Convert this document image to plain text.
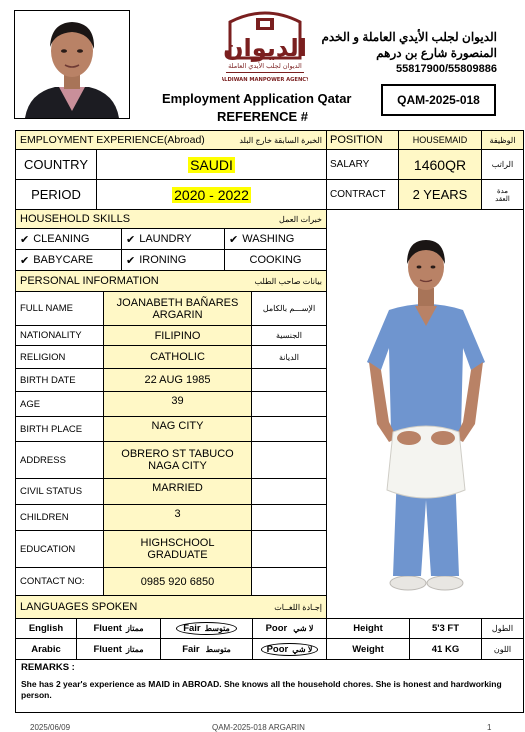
الديوان
الديوان لجلب الأيدي العاملة
ALDIWAN MANPOWER AGENCY
الديوان لجلب الأيدي العاملة و الخدم
المنصورة شارع بن درهم
55817900/55809886
Employment Application Qatar
REFERENCE #
QAM-2025-018
EMPLOYMENT EXPERIENCE(Abroad)	الخبرة السابقة خارج البلد POSITION	HOUSEMAID	الوظيفة
COUNTRY	SAUDI	SALARY	1460QR	الراتب
PERIOD	2020 - 2022	CONTRACT 2 YEARS	مدة
العقد
HOUSEHOLD SKILLS	خبرات العمل
✔ CLEANING	✔ LAUNDRY	✔ WASHING
✔ BABYCARE	✔ IRONING	COOKING
PERSONAL INFORMATION	بيانات صاحب الطلب
FULL NAME	JOANABETH BAÑARES
ARGARIN	الإســـم بالكامل
NATIONALITY	FILIPINO	الجنسية
RELIGION	CATHOLIC	الديانة
BIRTH DATE	22 AUG 1985
AGE	39
BIRTH PLACE	NAG CITY
ADDRESS	OBRERO ST TABUCO
NAGA CITY
CIVIL STATUS	MARRIED
CHILDREN	3
EDUCATION	HIGHSCHOOL
GRADUATE
CONTACT NO:	0985 920 6850
LANGUAGES SPOKEN	إجـادة اللغــات
English	Fluent ممتاز	Fair متوسط	Poor لا شي	Height	5'3 FT	الطول
Arabic	Fluent ممتاز	Fair متوسط	Poor لا شي	Weight	41 KG	اللون
REMARKS :
She has 2 year's experience as MAID in ABROAD. She knows all the household chores. She is honest and hardworking person.
2025/06/09	QAM-2025-018 ARGARIN	1
